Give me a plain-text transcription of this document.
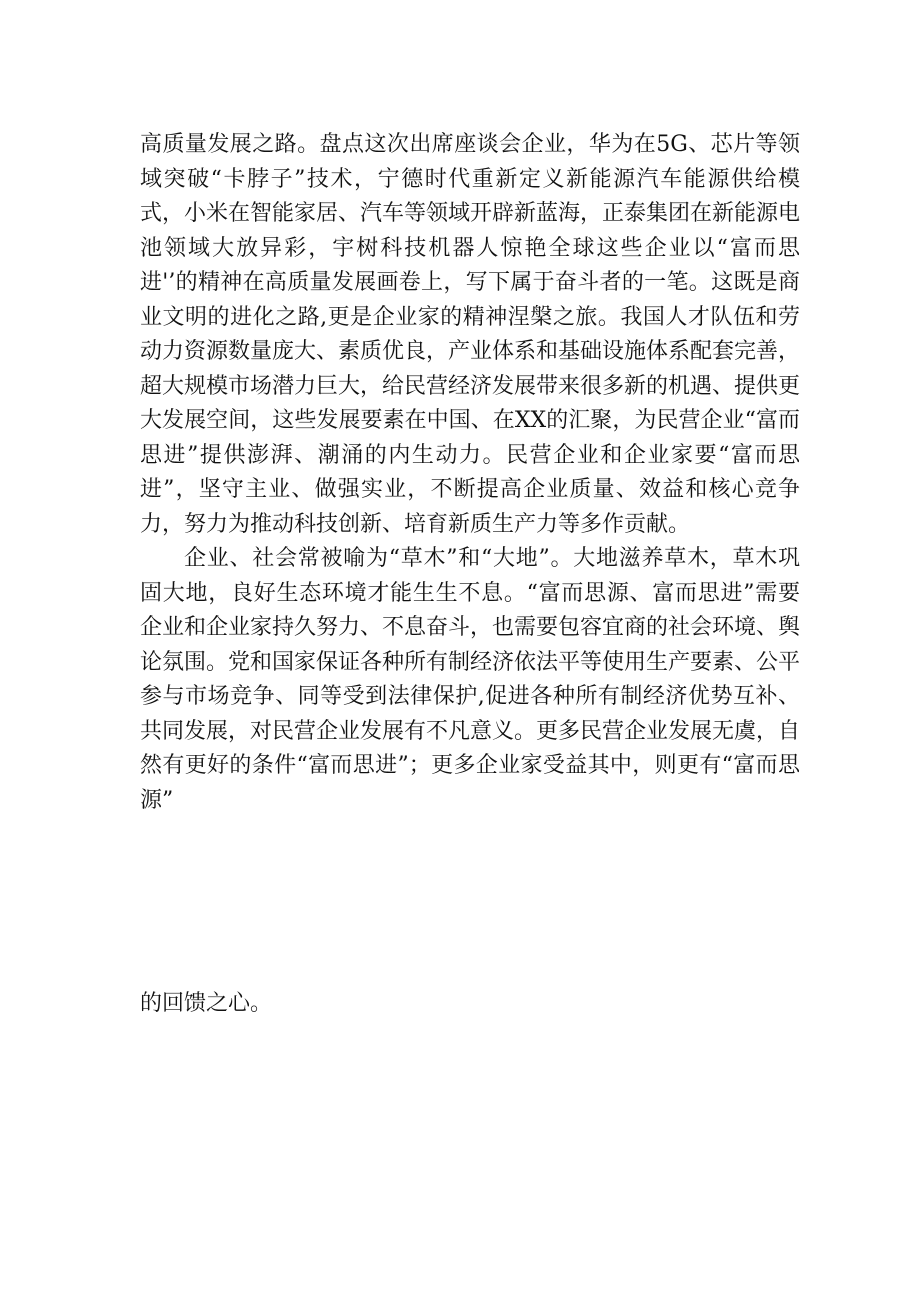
高质量发展之路。盘点这次出席座谈会企业，华为在5G、芯片等领域突破“卡脖子”技术，宁德时代重新定义新能源汽车能源供给模式，小米在智能家居、汽车等领域开辟新蓝海，正泰集团在新能源电池领域大放异彩，宇树科技机器人惊艳全球这些企业以“富而思进'’的精神在高质量发展画卷上，写下属于奋斗者的一笔。这既是商业文明的进化之路,更是企业家的精神涅槃之旅。我国人才队伍和劳动力资源数量庞大、素质优良，产业体系和基础设施体系配套完善，超大规模市场潜力巨大，给民营经济发展带来很多新的机遇、提供更大发展空间，这些发展要素在中国、在XX的汇聚，为民营企业“富而思进”提供澎湃、潮涌的内生动力。民营企业和企业家要“富而思进”，坚守主业、做强实业，不断提高企业质量、效益和核心竞争力，努力为推动科技创新、培育新质生产力等多作贡献。

企业、社会常被喻为“草木”和“大地”。大地滋养草木，草木巩固大地，良好生态环境才能生生不息。“富而思源、富而思进”需要企业和企业家持久努力、不息奋斗，也需要包容宜商的社会环境、舆论氛围。党和国家保证各种所有制经济依法平等使用生产要素、公平参与市场竞争、同等受到法律保护,促进各种所有制经济优势互补、共同发展，对民营企业发展有不凡意义。更多民营企业发展无虞，自然有更好的条件“富而思进”；更多企业家受益其中，则更有“富而思源”

的回馈之心。
